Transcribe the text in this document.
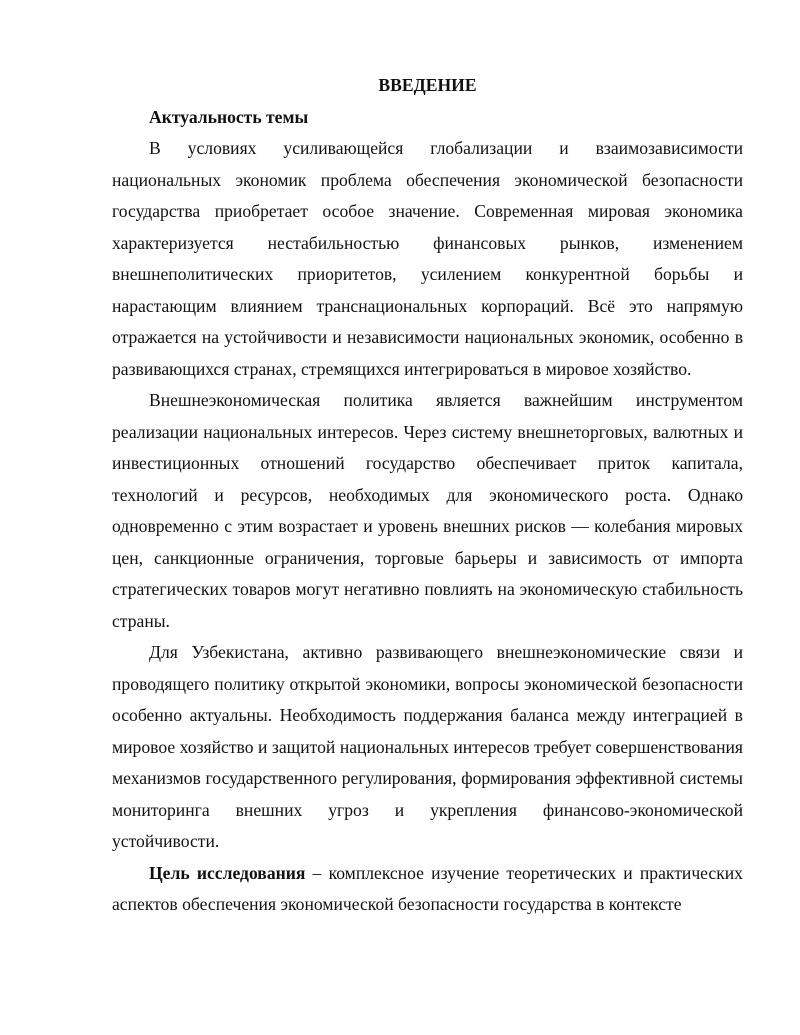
ВВЕДЕНИЕ
Актуальность темы

В условиях усиливающейся глобализации и взаимозависимости национальных экономик проблема обеспечения экономической безопасности государства приобретает особое значение. Современная мировая экономика характеризуется нестабильностью финансовых рынков, изменением внешнеполитических приоритетов, усилением конкурентной борьбы и нарастающим влиянием транснациональных корпораций. Всё это напрямую отражается на устойчивости и независимости национальных экономик, особенно в развивающихся странах, стремящихся интегрироваться в мировое хозяйство.

Внешнеэкономическая политика является важнейшим инструментом реализации национальных интересов. Через систему внешнеторговых, валютных и инвестиционных отношений государство обеспечивает приток капитала, технологий и ресурсов, необходимых для экономического роста. Однако одновременно с этим возрастает и уровень внешних рисков — колебания мировых цен, санкционные ограничения, торговые барьеры и зависимость от импорта стратегических товаров могут негативно повлиять на экономическую стабильность страны.

Для Узбекистана, активно развивающего внешнеэкономические связи и проводящего политику открытой экономики, вопросы экономической безопасности особенно актуальны. Необходимость поддержания баланса между интеграцией в мировое хозяйство и защитой национальных интересов требует совершенствования механизмов государственного регулирования, формирования эффективной системы мониторинга внешних угроз и укрепления финансово-экономической устойчивости.

Цель исследования – комплексное изучение теоретических и практических аспектов обеспечения экономической безопасности государства в контексте
